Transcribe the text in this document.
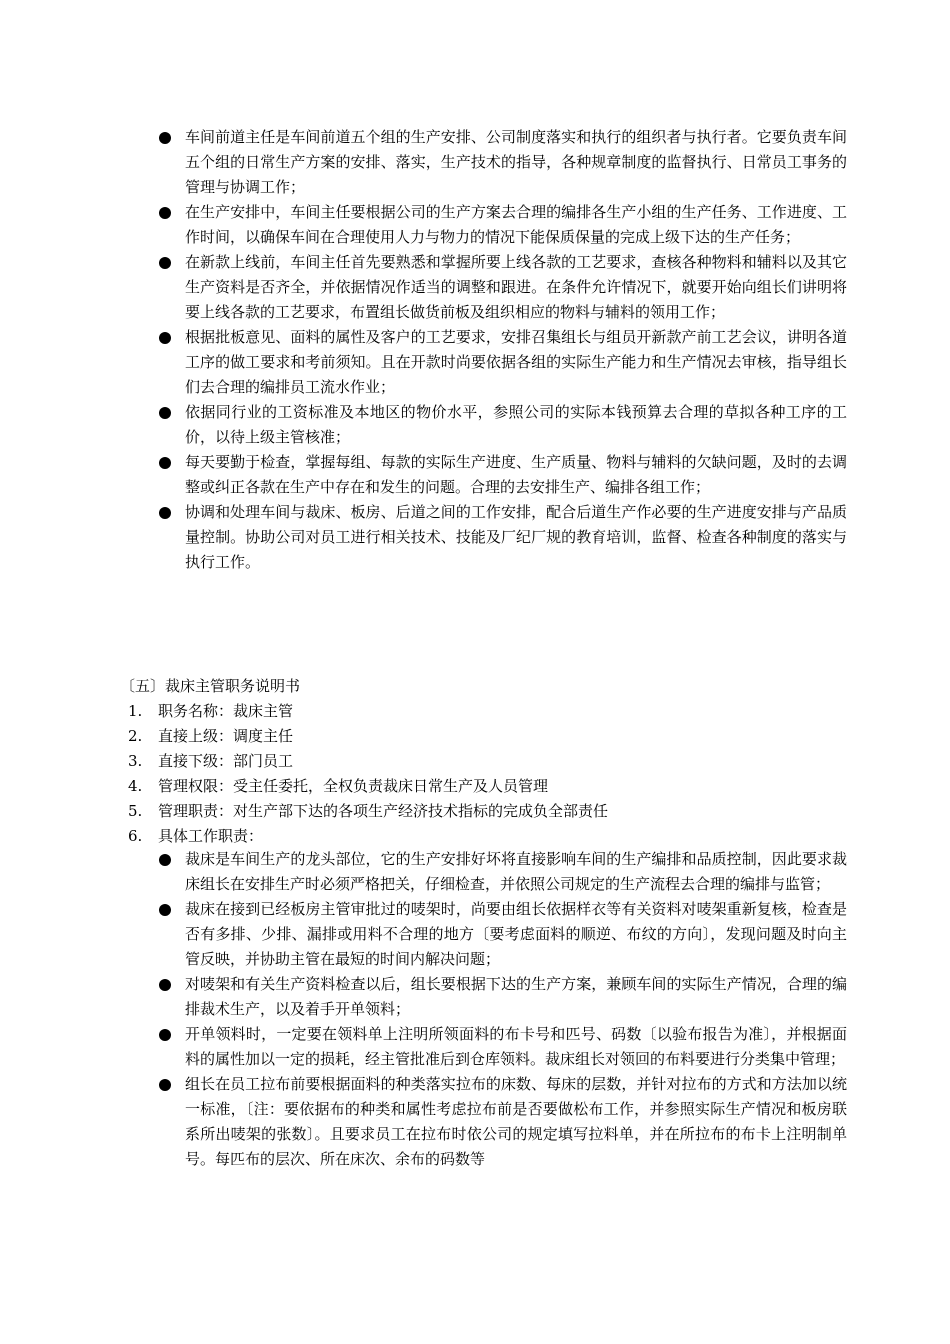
车间前道主任是车间前道五个组的生产安排、公司制度落实和执行的组织者与执行者。它要负责车间五个组的日常生产方案的安排、落实，生产技术的指导，各种规章制度的监督执行、日常员工事务的管理与协调工作；
在生产安排中，车间主任要根据公司的生产方案去合理的编排各生产小组的生产任务、工作进度、工作时间，以确保车间在合理使用人力与物力的情况下能保质保量的完成上级下达的生产任务；
在新款上线前，车间主任首先要熟悉和掌握所要上线各款的工艺要求，查核各种物料和辅料以及其它生产资料是否齐全，并依据情况作适当的调整和跟进。在条件允许情况下，就要开始向组长们讲明将要上线各款的工艺要求，布置组长做货前板及组织相应的物料与辅料的领用工作；
根据批板意见、面料的属性及客户的工艺要求，安排召集组长与组员开新款产前工艺会议，讲明各道工序的做工要求和考前须知。且在开款时尚要依据各组的实际生产能力和生产情况去审核，指导组长们去合理的编排员工流水作业；
依据同行业的工资标准及本地区的物价水平，参照公司的实际本钱预算去合理的草拟各种工序的工价，以待上级主管核准；
每天要勤于检查，掌握每组、每款的实际生产进度、生产质量、物料与辅料的欠缺问题，及时的去调整或纠正各款在生产中存在和发生的问题。合理的去安排生产、编排各组工作；
协调和处理车间与裁床、板房、后道之间的工作安排，配合后道生产作必要的生产进度安排与产品质量控制。协助公司对员工进行相关技术、技能及厂纪厂规的教育培训，监督、检查各种制度的落实与执行工作。
〔五〕裁床主管职务说明书
1. 职务名称：裁床主管
2. 直接上级：调度主任
3. 直接下级：部门员工
4. 管理权限：受主任委托，全权负责裁床日常生产及人员管理
5. 管理职责：对生产部下达的各项生产经济技术指标的完成负全部责任
6. 具体工作职责：
裁床是车间生产的龙头部位，它的生产安排好坏将直接影响车间的生产编排和品质控制，因此要求裁床组长在安排生产时必须严格把关，仔细检查，并依照公司规定的生产流程去合理的编排与监管；
裁床在接到已经板房主管审批过的唛架时，尚要由组长依据样衣等有关资料对唛架重新复核，检查是否有多排、少排、漏排或用料不合理的地方〔要考虑面料的顺逆、布纹的方向〕，发现问题及时向主管反映，并协助主管在最短的时间内解决问题；
对唛架和有关生产资料检查以后，组长要根据下达的生产方案，兼顾车间的实际生产情况，合理的编排裁术生产，以及着手开单领料；
开单领料时，一定要在领料单上注明所领面料的布卡号和匹号、码数〔以验布报告为准〕，并根据面料的属性加以一定的损耗，经主管批准后到仓库领料。裁床组长对领回的布料要进行分类集中管理；
组长在员工拉布前要根据面料的种类落实拉布的床数、每床的层数，并针对拉布的方式和方法加以统一标准，〔注：要依据布的种类和属性考虑拉布前是否要做松布工作，并参照实际生产情况和板房联系所出唛架的张数〕。且要求员工在拉布时依公司的规定填写拉料单，并在所拉布的布卡上注明制单号。每匹布的层次、所在床次、余布的码数等
